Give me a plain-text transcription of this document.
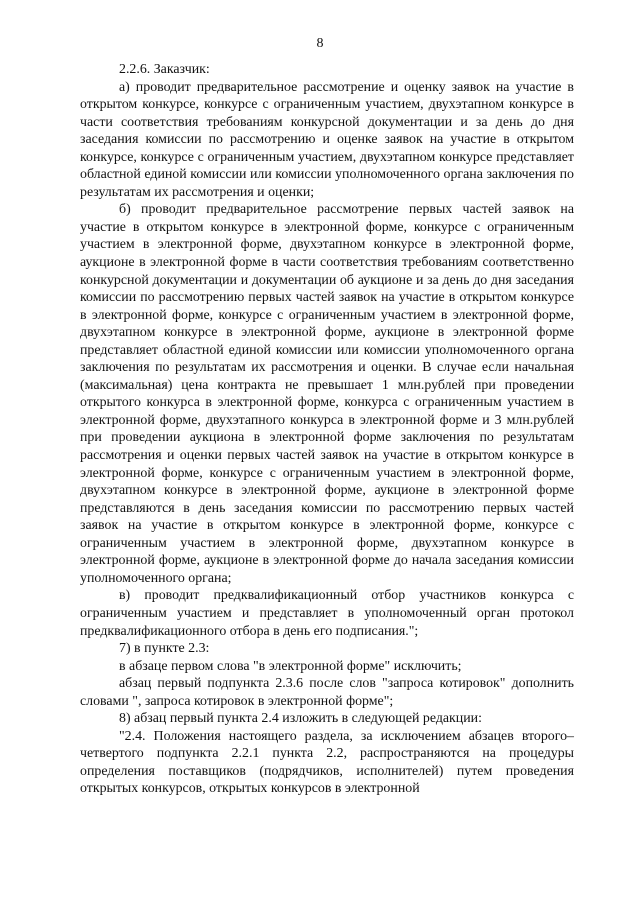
8

2.2.6. Заказчик:

а) проводит предварительное рассмотрение и оценку заявок на участие в открытом конкурсе, конкурсе с ограниченным участием, двухэтапном конкурсе в части соответствия требованиям конкурсной документации и за день до дня заседания комиссии по рассмотрению и оценке заявок на участие в открытом конкурсе, конкурсе с ограниченным участием, двухэтапном конкурсе представляет областной единой комиссии или комиссии уполномоченного органа заключения по результатам их рассмотрения и оценки;

б) проводит предварительное рассмотрение первых частей заявок на участие в открытом конкурсе в электронной форме, конкурсе с ограниченным участием в электронной форме, двухэтапном конкурсе в электронной форме, аукционе в электронной форме в части соответствия требованиям соответственно конкурсной документации и документации об аукционе и за день до дня заседания комиссии по рассмотрению первых частей заявок на участие в открытом конкурсе в электронной форме, конкурсе с ограниченным участием в электронной форме, двухэтапном конкурсе в электронной форме, аукционе в электронной форме представляет областной единой комиссии или комиссии уполномоченного органа заключения по результатам их рассмотрения и оценки. В случае если начальная (максимальная) цена контракта не превышает 1 млн.рублей при проведении открытого конкурса в электронной форме, конкурса с ограниченным участием в электронной форме, двухэтапного конкурса в электронной форме и 3 млн.рублей при проведении аукциона в электронной форме заключения по результатам рассмотрения и оценки первых частей заявок на участие в открытом конкурсе в электронной форме, конкурсе с ограниченным участием в электронной форме, двухэтапном конкурсе в электронной форме, аукционе в электронной форме представляются в день заседания комиссии по рассмотрению первых частей заявок на участие в открытом конкурсе в электронной форме, конкурсе с ограниченным участием в электронной форме, двухэтапном конкурсе в электронной форме, аукционе в электронной форме до начала заседания комиссии уполномоченного органа;

в) проводит предквалификационный отбор участников конкурса с ограниченным участием и представляет в уполномоченный орган протокол предквалификационного отбора в день его подписания.";

7) в пункте 2.3:

в абзаце первом слова "в электронной форме" исключить;

абзац первый подпункта 2.3.6 после слов "запроса котировок" дополнить словами ", запроса котировок в электронной форме";

8) абзац первый пункта 2.4 изложить в следующей редакции:

"2.4. Положения настоящего раздела, за исключением абзацев второго–четвертого подпункта 2.2.1 пункта 2.2, распространяются на процедуры определения поставщиков (подрядчиков, исполнителей) путем проведения открытых конкурсов, открытых конкурсов в электронной
